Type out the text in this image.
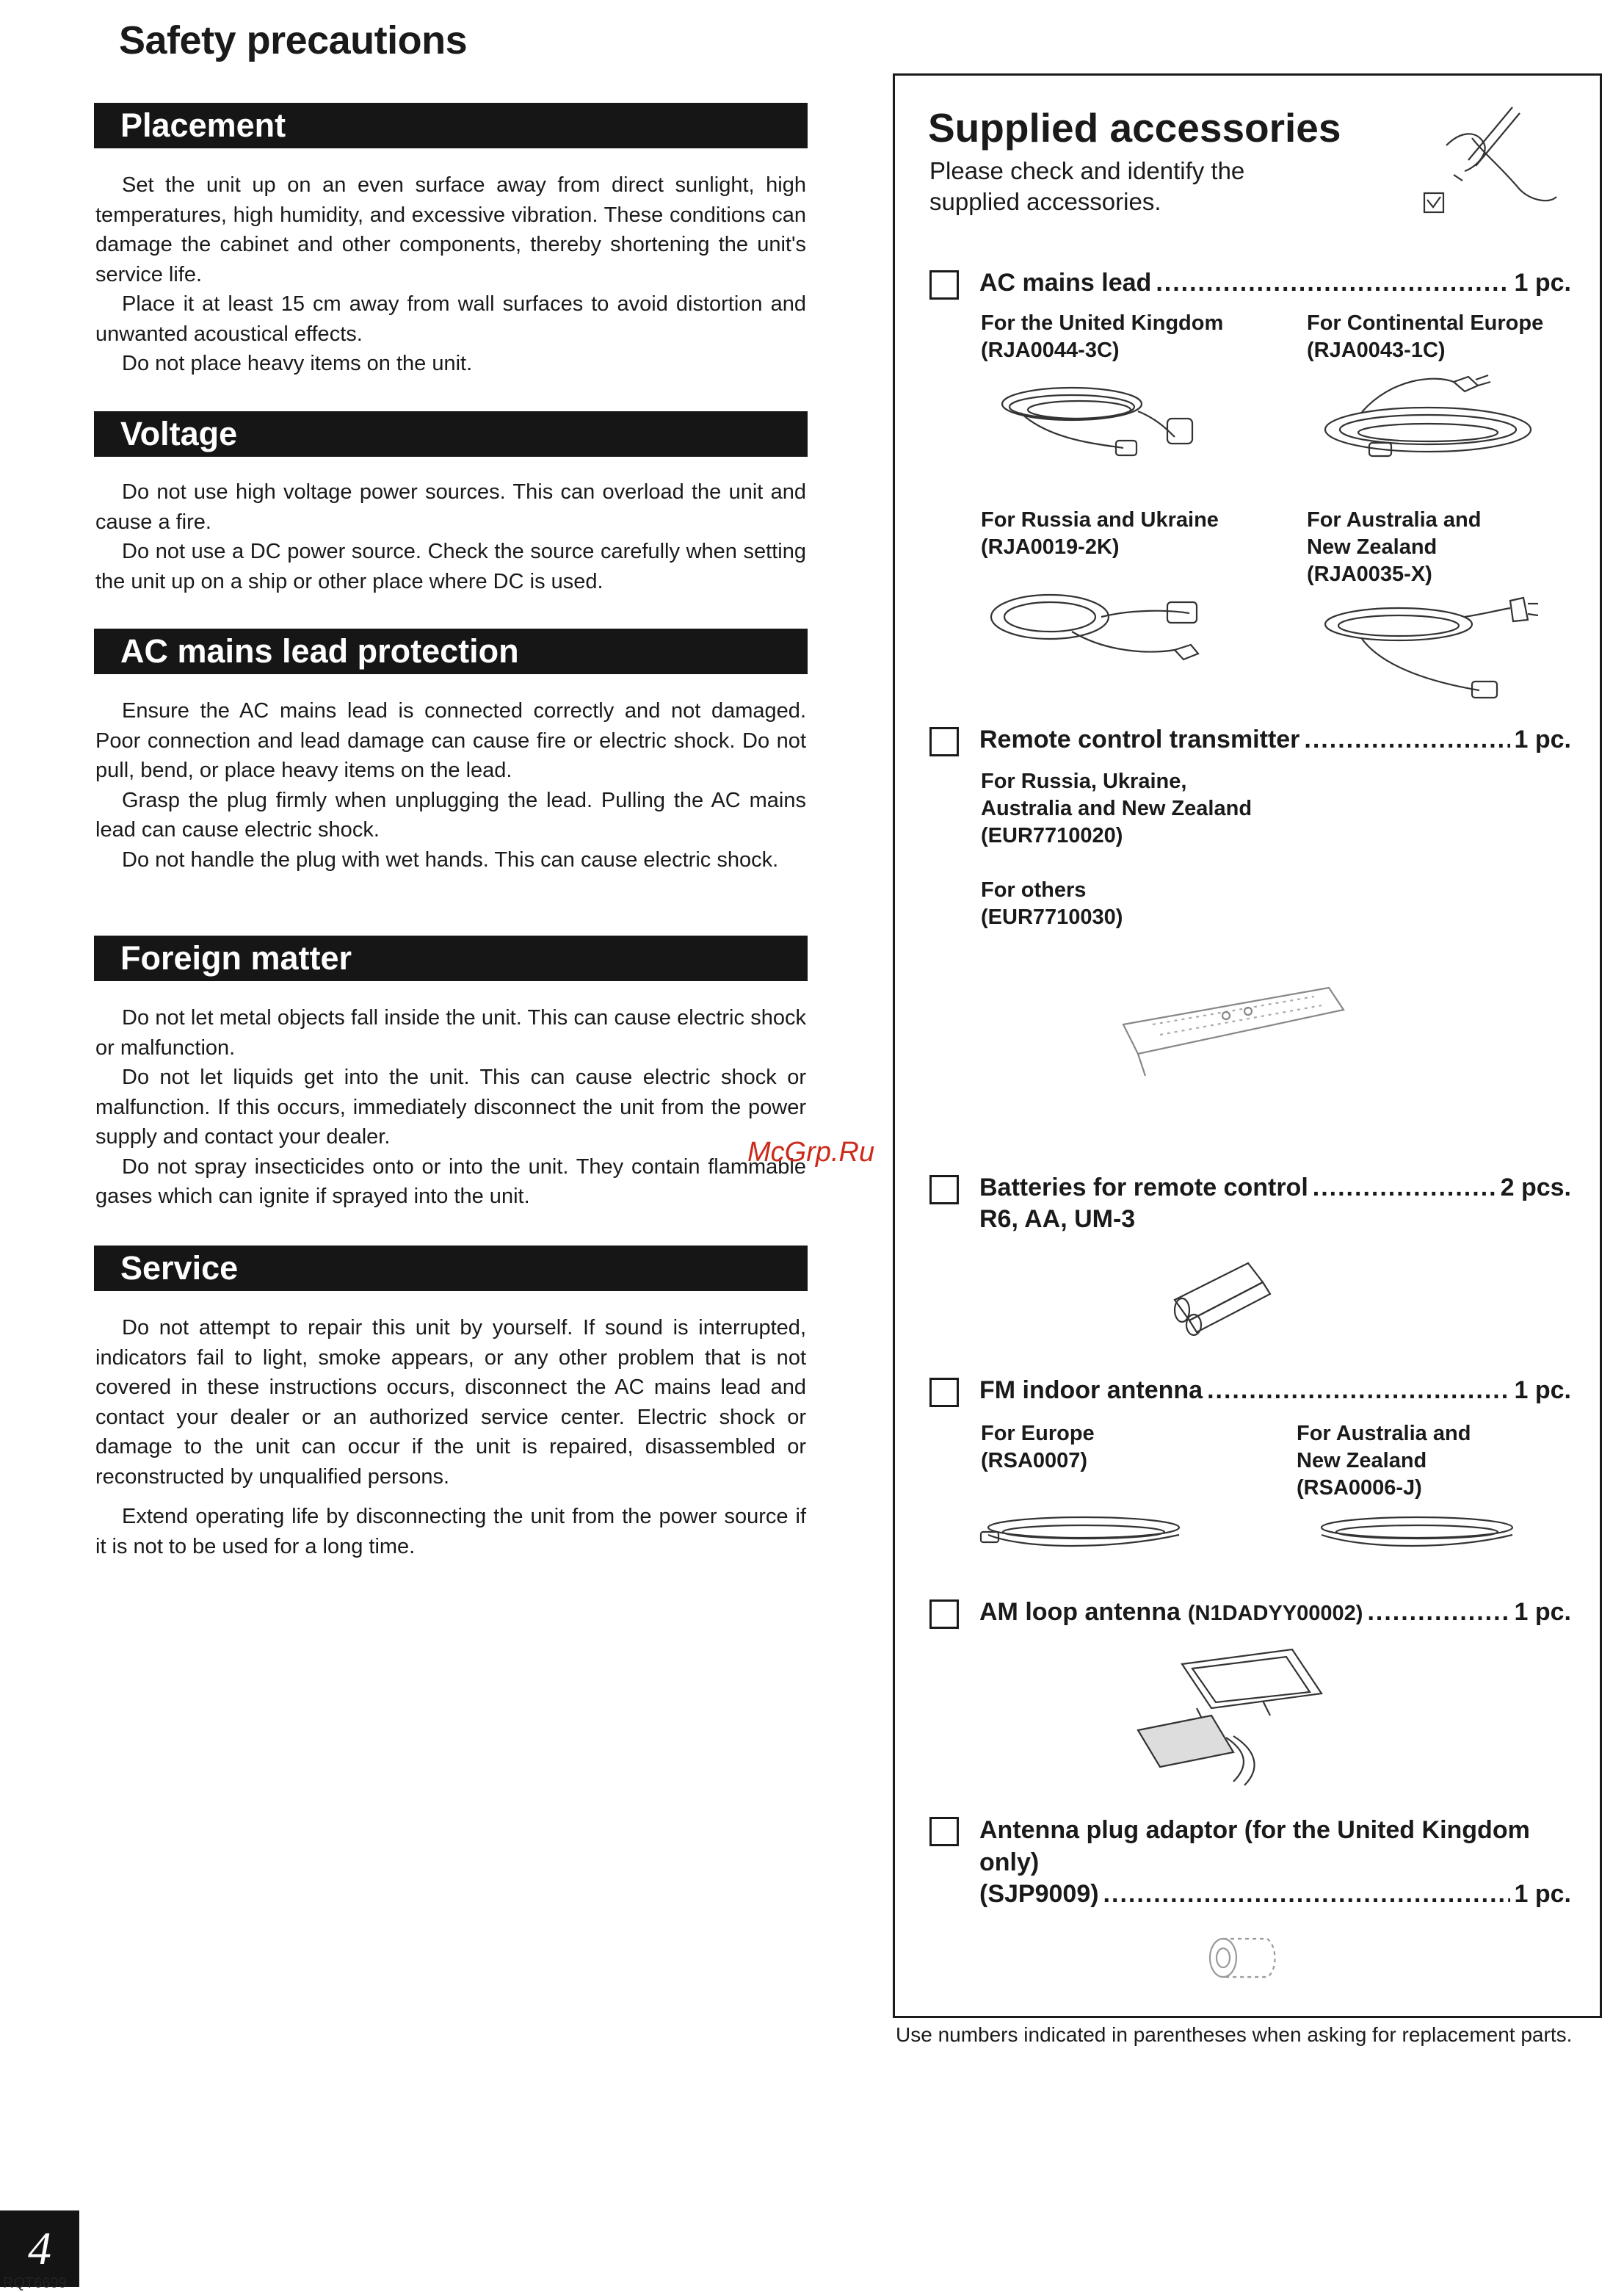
Safety precautions
Placement

Set the unit up on an even surface away from direct sunlight, high temperatures, high humidity, and excessive vibration. These conditions can damage the cabinet and other components, thereby shortening the unit's service life.

Place it at least 15 cm away from wall surfaces to avoid distortion and unwanted acoustical effects.

Do not place heavy items on the unit.

Voltage

Do not use high voltage power sources. This can overload the unit and cause a fire.

Do not use a DC power source. Check the source carefully when setting the unit up on a ship or other place where DC is used.

AC mains lead protection

Ensure the AC mains lead is connected correctly and not damaged. Poor connection and lead damage can cause fire or electric shock. Do not pull, bend, or place heavy items on the lead.

Grasp the plug firmly when unplugging the lead. Pulling the AC mains lead can cause electric shock.

Do not handle the plug with wet hands. This can cause electric shock.

Foreign matter

Do not let metal objects fall inside the unit. This can cause electric shock or malfunction.

Do not let liquids get into the unit. This can cause electric shock or malfunction. If this occurs, immediately disconnect the unit from the power supply and contact your dealer.

Do not spray insecticides onto or into the unit. They contain flammable gases which can ignite if sprayed into the unit.

Service

Do not attempt to repair this unit by yourself. If sound is interrupted, indicators fail to light, smoke appears, or any other problem that is not covered in these instructions occurs, disconnect the AC mains lead and contact your dealer or an authorized service center. Electric shock or damage to the unit can occur if the unit is repaired, disassembled or reconstructed by unqualified persons.

Extend operating life by disconnecting the unit from the power source if it is not to be used for a long time.

Supplied accessories
Please check and identify the supplied accessories.
AC mains lead .....	1 pc.
For the United Kingdom
(RJA0044-3C)
For Continental Europe
(RJA0043-1C)
For Russia and Ukraine
(RJA0019-2K)
For Australia and
New Zealand
(RJA0035-X)
Remote control transmitter .....	1 pc.
For Russia, Ukraine,
Australia and New Zealand
(EUR7710020)
For others
(EUR7710030)
McGrp.Ru
Batteries for remote control .....	2 pcs.
R6, AA, UM-3
FM indoor antenna .....	1 pc.
For Europe
(RSA0007)
For Australia and
New Zealand
(RSA0006-J)
AM loop antenna (N1DADYY00002) .....	1 pc.
Antenna plug adaptor (for the United Kingdom
only)
(SJP9009) .....	1 pc.
Use numbers indicated in parentheses when asking for replacement parts.
4
RQT6699
